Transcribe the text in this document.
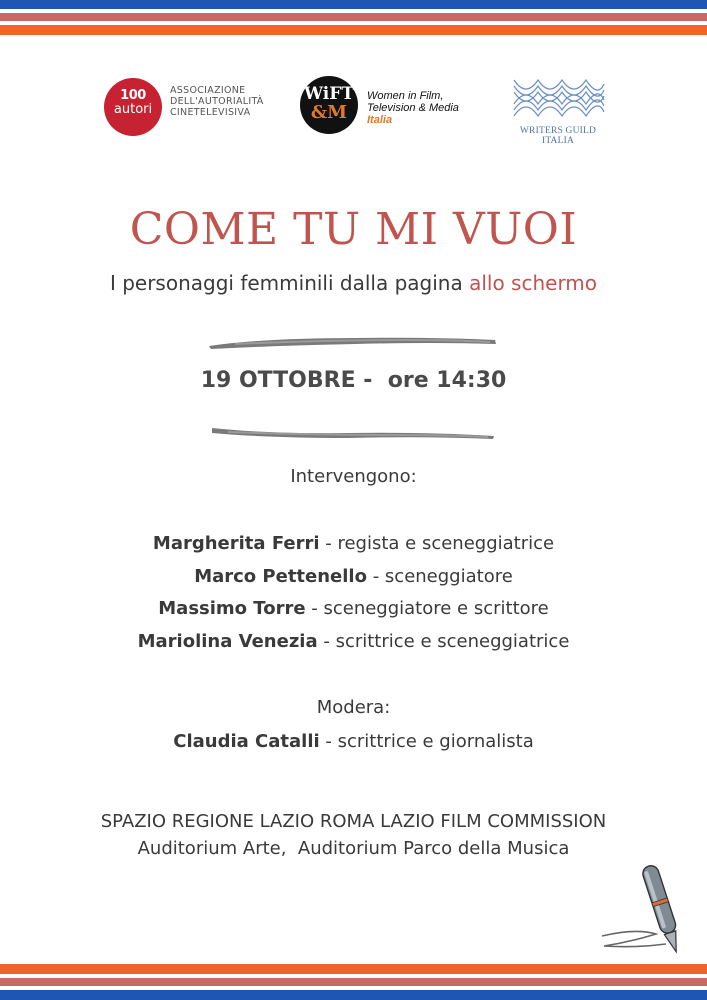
100
autori
ASSOCIAZIONE
DELL'AUTORIALITÀ
CINETELEVISIVA
WiFT
&M
Women in Film,
Television & Media
Italia
WRITERS GUILD ITALIA
COME TU MI VUOI
I personaggi femminili dalla pagina allo schermo
19 OTTOBRE -  ore 14:30
Intervengono:
Margherita Ferri - regista e sceneggiatrice
Marco Pettenello - sceneggiatore
Massimo Torre - sceneggiatore e scrittore
Mariolina Venezia - scrittrice e sceneggiatrice
Modera:
Claudia Catalli - scrittrice e giornalista
SPAZIO REGIONE LAZIO ROMA LAZIO FILM COMMISSION
Auditorium Arte,  Auditorium Parco della Musica
